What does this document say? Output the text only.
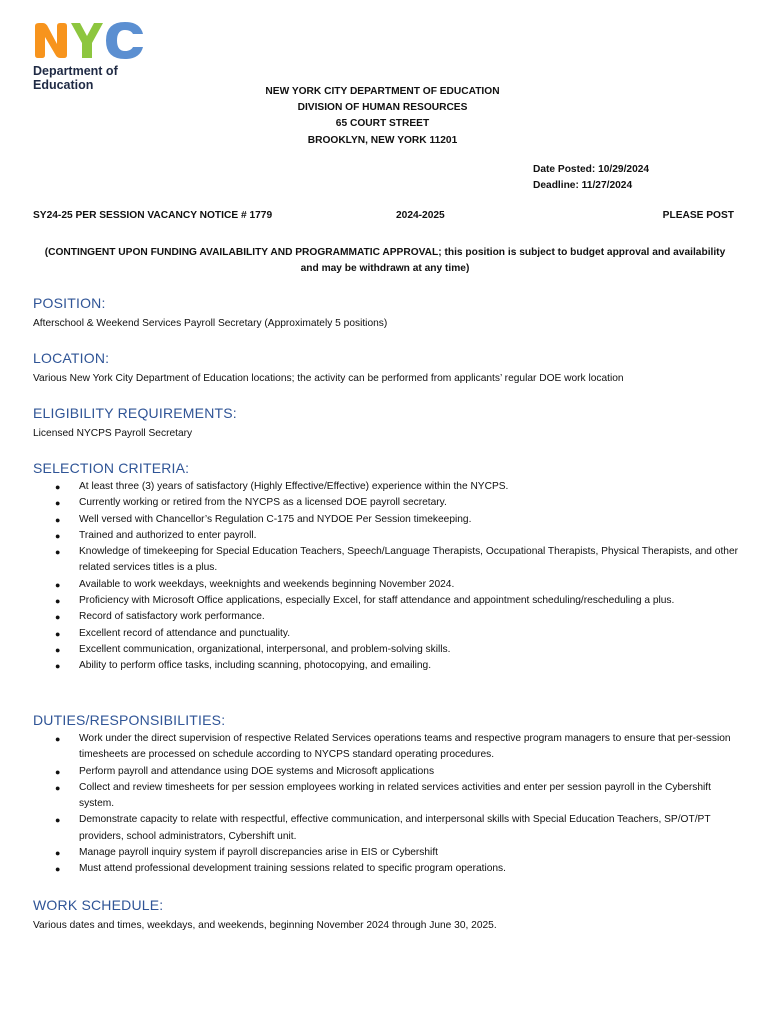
Department of
Education	NEW YORK CITY DEPARTMENT OF EDUCATION
DIVISION OF HUMAN RESOURCES
65 COURT STREET
BROOKLYN, NEW YORK 11201
Date Posted: 10/29/2024
Deadline: 11/27/2024
SY24-25 PER SESSION VACANCY NOTICE # 1779	2024-2025	PLEASE POST
(CONTINGENT UPON FUNDING AVAILABILITY AND PROGRAMMATIC APPROVAL; this position is subject to budget approval and availability and may be withdrawn at any time)
POSITION:

Afterschool & Weekend Services Payroll Secretary (Approximately 5 positions)

LOCATION:

Various New York City Department of Education locations; the activity can be performed from applicants’ regular DOE work location

ELIGIBILITY REQUIREMENTS:

Licensed NYCPS Payroll Secretary

SELECTION CRITERIA:
● At least three (3) years of satisfactory (Highly Effective/Effective) experience within the NYCPS.
● Currently working or retired from the NYCPS as a licensed DOE payroll secretary.
● Well versed with Chancellor’s Regulation C-175 and NYDOE Per Session timekeeping.
● Trained and authorized to enter payroll.
● Knowledge of timekeeping for Special Education Teachers, Speech/Language Therapists, Occupational Therapists, Physical Therapists, and other related services titles is a plus.
● Available to work weekdays, weeknights and weekends beginning November 2024.
● Proficiency with Microsoft Office applications, especially Excel, for staff attendance and appointment scheduling/rescheduling a plus.
● Record of satisfactory work performance.
● Excellent record of attendance and punctuality.
● Excellent communication, organizational, interpersonal, and problem-solving skills.
● Ability to perform office tasks, including scanning, photocopying, and emailing.
DUTIES/RESPONSIBILITIES:
● Work under the direct supervision of respective Related Services operations teams and respective program managers to ensure that per-session timesheets are processed on schedule according to NYCPS standard operating procedures.
● Perform payroll and attendance using DOE systems and Microsoft applications
● Collect and review timesheets for per session employees working in related services activities and enter per session payroll in the Cybershift system.
● Demonstrate capacity to relate with respectful, effective communication, and interpersonal skills with Special Education Teachers, SP/OT/PT providers, school administrators, Cybershift unit.
● Manage payroll inquiry system if payroll discrepancies arise in EIS or Cybershift
● Must attend professional development training sessions related to specific program operations.
WORK SCHEDULE:

Various dates and times, weekdays, and weekends, beginning November 2024 through June 30, 2025.
